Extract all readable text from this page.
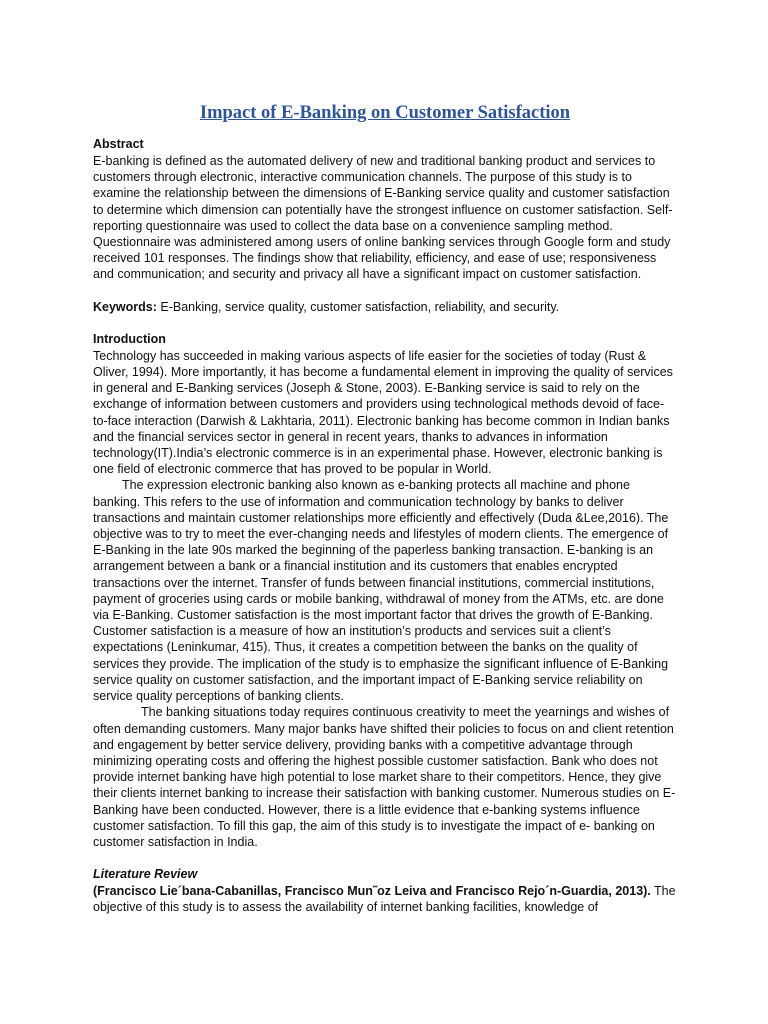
Impact of E-Banking on Customer Satisfaction
Abstract

E-banking is defined as the automated delivery of new and traditional banking product and services to customers through electronic, interactive communication channels. The purpose of this study is to examine the relationship between the dimensions of E-Banking service quality and customer satisfaction to determine which dimension can potentially have the strongest influence on customer satisfaction. Self-reporting questionnaire was used to collect the data base on a convenience sampling method. Questionnaire was administered among users of online banking services through Google form and study received 101 responses. The findings show that reliability, efficiency, and ease of use; responsiveness and communication; and security and privacy all have a significant impact on customer satisfaction.

Keywords: E-Banking, service quality, customer satisfaction, reliability, and security.

Introduction

Technology has succeeded in making various aspects of life easier for the societies of today (Rust & Oliver, 1994). More importantly, it has become a fundamental element in improving the quality of services in general and E-Banking services (Joseph & Stone, 2003). E-Banking service is said to rely on the exchange of information between customers and providers using technological methods devoid of face-to-face interaction (Darwish & Lakhtaria, 2011). Electronic banking has become common in Indian banks and the financial services sector in general in recent years, thanks to advances in information technology(IT).India’s electronic commerce is in an experimental phase. However, electronic banking is one field of electronic commerce that has proved to be popular in World.

The expression electronic banking also known as e-banking protects all machine and phone banking. This refers to the use of information and communication technology by banks to deliver transactions and maintain customer relationships more efficiently and effectively (Duda &Lee,2016). The objective was to try to meet the ever-changing needs and lifestyles of modern clients. The emergence of E-Banking in the late 90s marked the beginning of the paperless banking transaction. E-banking is an arrangement between a bank or a financial institution and its customers that enables encrypted transactions over the internet. Transfer of funds between financial institutions, commercial institutions, payment of groceries using cards or mobile banking, withdrawal of money from the ATMs, etc. are done via E-Banking. Customer satisfaction is the most important factor that drives the growth of E-Banking. Customer satisfaction is a measure of how an institution’s products and services suit a client’s expectations (Leninkumar, 415). Thus, it creates a competition between the banks on the quality of services they provide. The implication of the study is to emphasize the significant influence of E-Banking service quality on customer satisfaction, and the important impact of E-Banking service reliability on service quality perceptions of banking clients.

The banking situations today requires continuous creativity to meet the yearnings and wishes of often demanding customers. Many major banks have shifted their policies to focus on and client retention and engagement by better service delivery, providing banks with a competitive advantage through minimizing operating costs and offering the highest possible customer satisfaction. Bank who does not provide internet banking have high potential to lose market share to their competitors. Hence, they give their clients internet banking to increase their satisfaction with banking customer. Numerous studies on E-Banking have been conducted. However, there is a little evidence that e-banking systems influence customer satisfaction. To fill this gap, the aim of this study is to investigate the impact of e- banking on customer satisfaction in India.

Literature Review

(Francisco Lie´bana-Cabanillas, Francisco Mun˜oz Leiva and Francisco Rejo´n-Guardia, 2013). The objective of this study is to assess the availability of internet banking facilities, knowledge of
